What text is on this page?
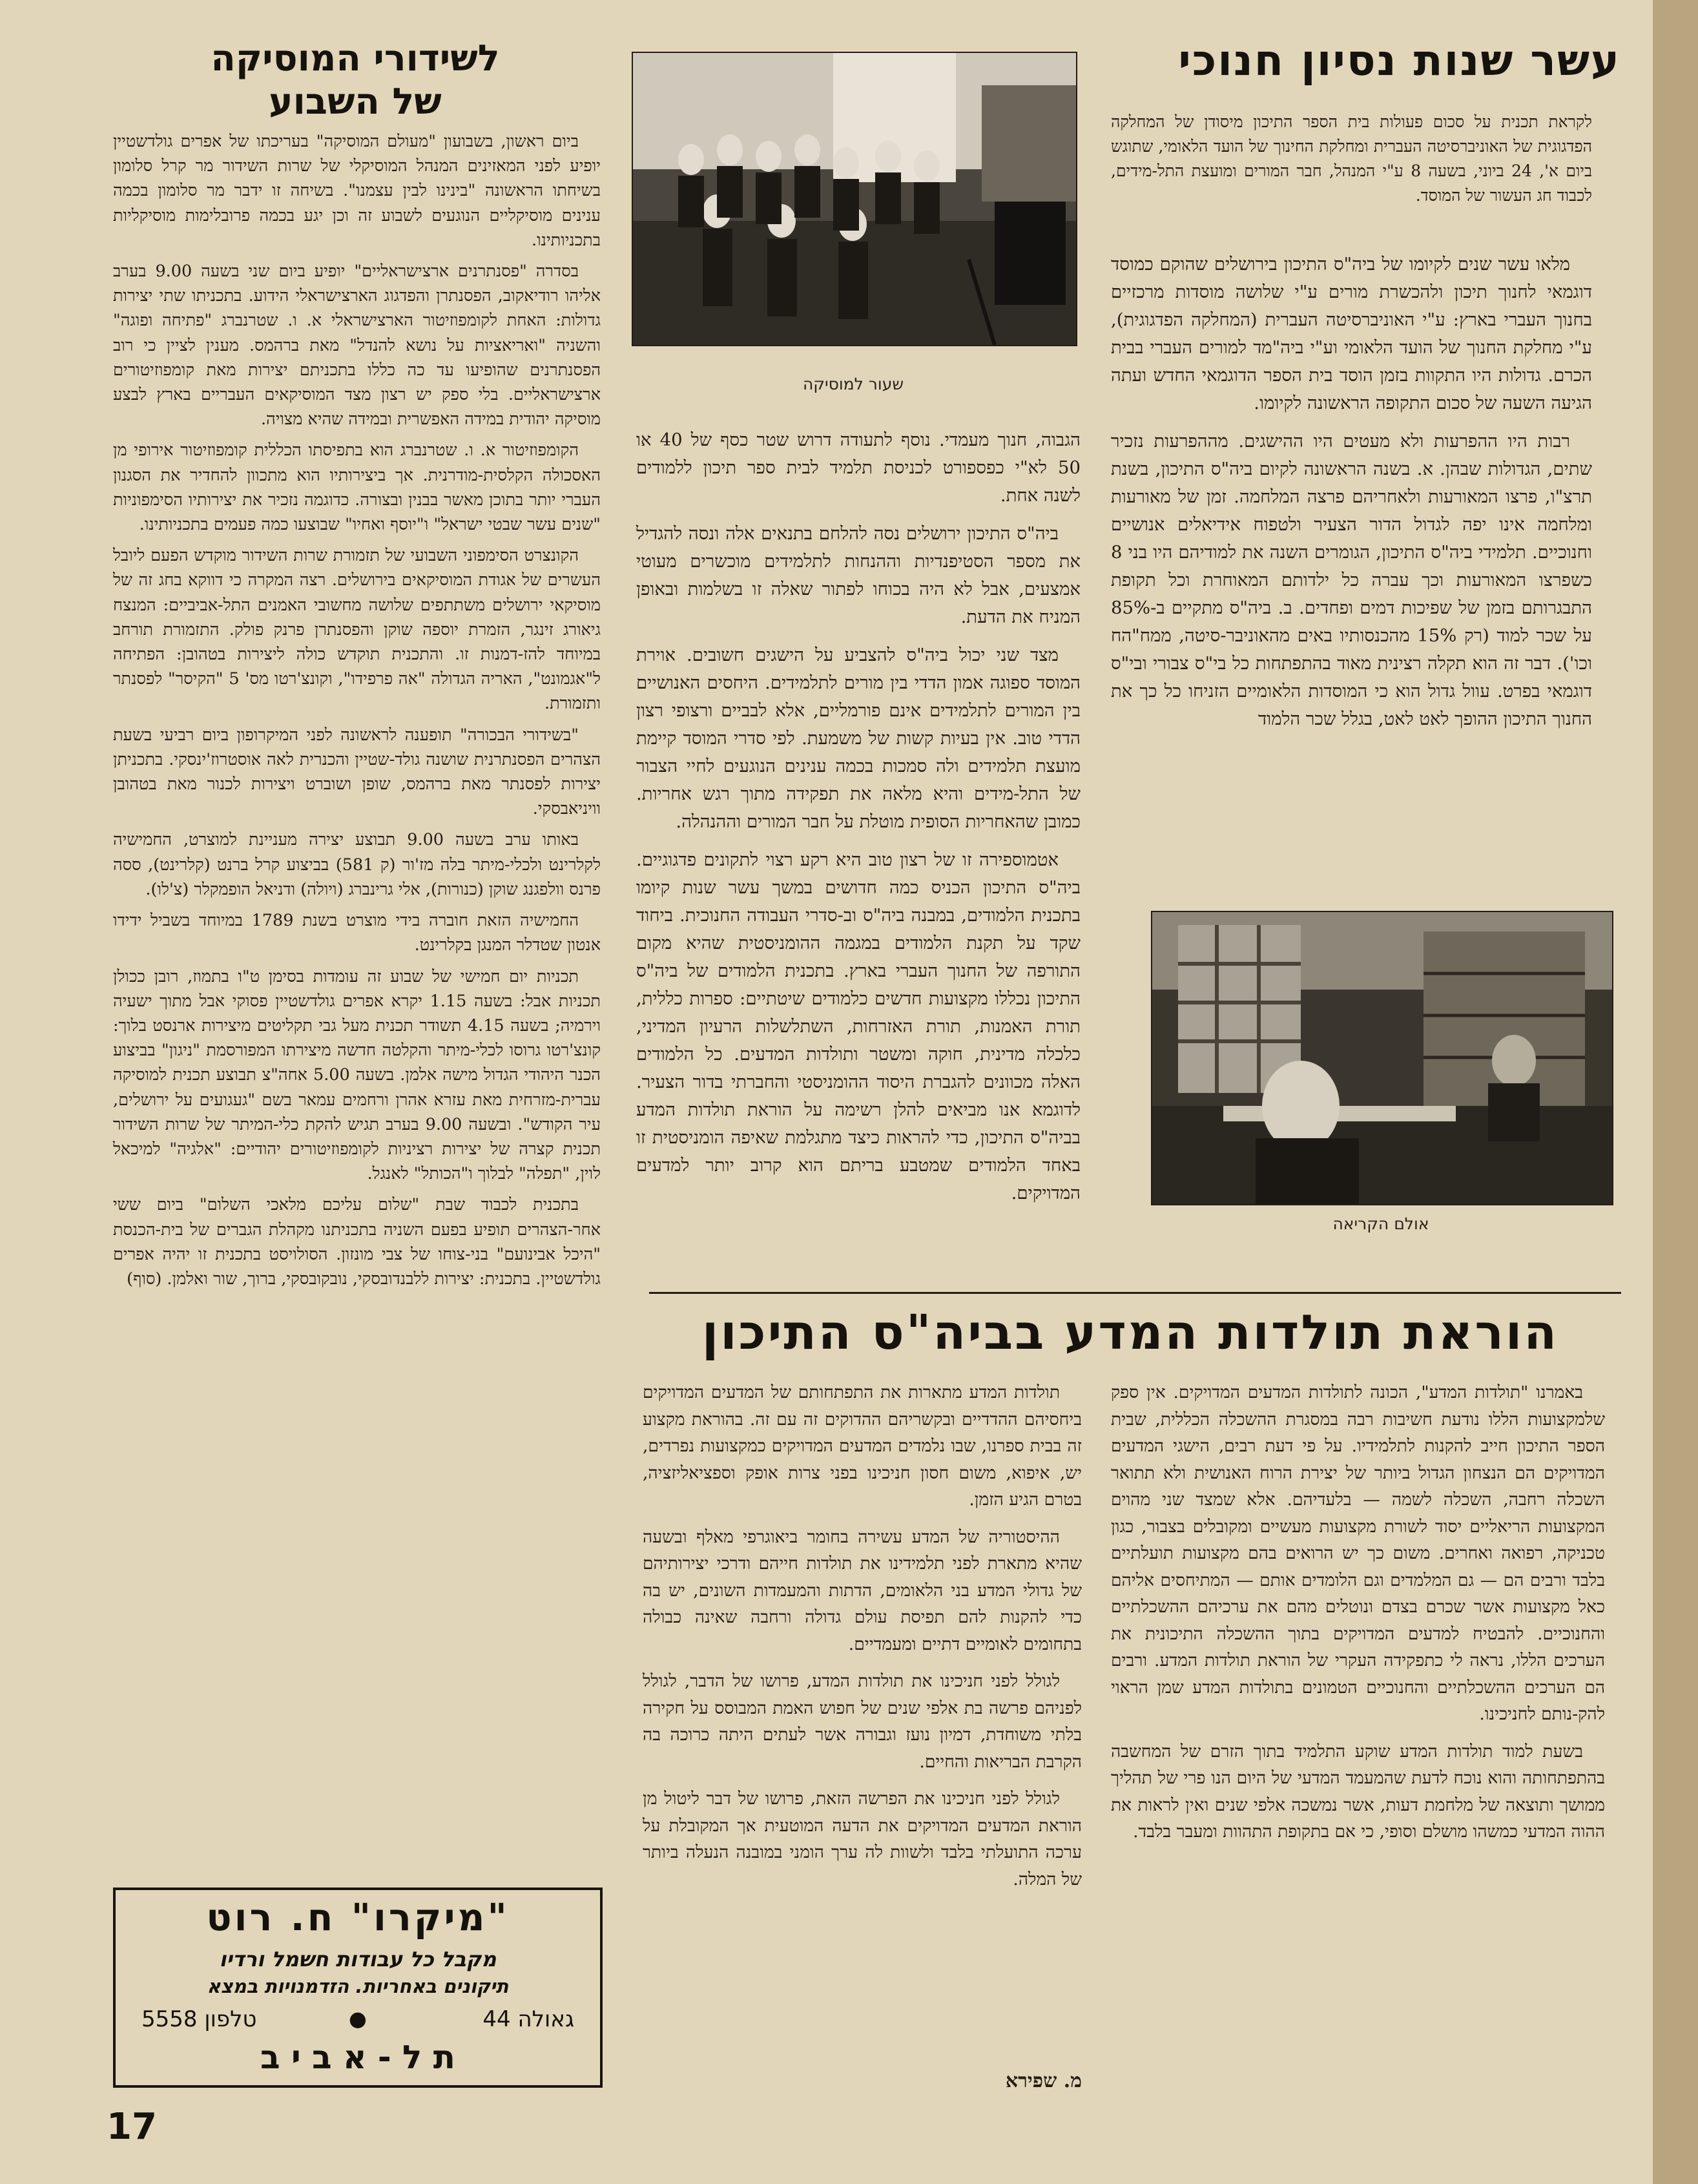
עשר שנות נסיון חנוכי

לקראת תכנית על סכום פעולות בית הספר התיכון מיסודן של המחלקה הפדגוגית של האוניברסיטה העברית ומחלקת החינוך של הועד הלאומי, שתוגש ביום א', 24 ביוני, בשעה 8 ע"י המנהל, חבר המורים ומועצת התל-מידים, לכבוד חג העשור של המוסד.

מלאו עשר שנים לקיומו של ביה"ס התיכון בירושלים שהוקם כמוסד דוגמאי לחנוך תיכון ולהכשרת מורים ע"י שלושה מוסדות מרכזיים בחנוך העברי בארץ: ע"י האוניברסיטה העברית (המחלקה הפדגוגית), ע"י מחלקת החנוך של הועד הלאומי וע"י ביה"מד למורים העברי בבית הכרם. גדולות היו התקוות בזמן הוסד בית הספר הדוגמאי החדש ועתה הגיעה השעה של סכום התקופה הראשונה לקיומו.

רבות היו ההפרעות ולא מעטים היו ההישגים. מההפרעות נזכיר שתים, הגדולות שבהן. א. בשנה הראשונה לקיום ביה"ס התיכון, בשנת תרצ"ו, פרצו המאורעות ולאחריהם פרצה המלחמה. זמן של מאורעות ומלחמה אינו יפה לגדול הדור הצעיר ולטפוח אידיאלים אנושיים וחנוכיים. תלמידי ביה"ס התיכון, הגומרים השנה את למודיהם היו בני 8 כשפרצו המאורעות וכך עברה כל ילדותם המאוחרת וכל תקופת התבגרותם בזמן של שפיכות דמים ופחדים. ב. ביה"ס מתקיים ב-85% על שכר למוד (רק 15% מהכנסותיו באים מהאוניבר-סיטה, ממח"הח וכו'). דבר זה הוא תקלה רצינית מאוד בהתפתחות כל בי"ס צבורי ובי"ס דוגמאי בפרט. עוול גדול הוא כי המוסדות הלאומיים הזניחו כל כך את החנוך התיכון ההופך לאט לאט, בגלל שכר הלמוד

אולם הקריאה
שעור למוסיקה

הגבוה, חנוך מעמדי. נוסף לתעודה דרוש שטר כסף של 40 או 50 לא"י כפספורט לכניסת תלמיד לבית ספר תיכון ללמודים לשנה אחת.

ביה"ס התיכון ירושלים נסה להלחם בתנאים אלה ונסה להגדיל את מספר הסטיפנדיות וההנחות לתלמידים מוכשרים מעוטי אמצעים, אבל לא היה בכוחו לפתור שאלה זו בשלמות ובאופן המניח את הדעת.

מצד שני יכול ביה"ס להצביע על הישגים חשובים. אוירת המוסד ספוגה אמון הדדי בין מורים לתלמידים. היחסים האנושיים בין המורים לתלמידים אינם פורמליים, אלא לבביים ורצופי רצון הדדי טוב. אין בעיות קשות של משמעת. לפי סדרי המוסד קיימת מועצת תלמידים ולה סמכות בכמה ענינים הנוגעים לחיי הצבור של התל-מידים והיא מלאה את תפקידה מתוך רגש אחריות. כמובן שהאחריות הסופית מוטלת על חבר המורים וההנהלה.

אטמוספירה זו של רצון טוב היא רקע רצוי לתקונים פדגוגיים. ביה"ס התיכון הכניס כמה חדושים במשך עשר שנות קיומו בתכנית הלמודים, במבנה ביה"ס וב-סדרי העבודה החנוכית. ביחוד שקד על תקנת הלמודים במגמה ההומניסטית שהיא מקום התורפה של החנוך העברי בארץ. בתכנית הלמודים של ביה"ס התיכון נכללו מקצועות חדשים כלמודים שיטתיים: ספרות כללית, תורת האמנות, תורת האזרחות, השתלשלות הרעיון המדיני, כלכלה מדינית, חוקה ומשטר ותולדות המדעים. כל הלמודים האלה מכוונים להגברת היסוד ההומניסטי והחברתי בדור הצעיר. לדוגמא אנו מביאים להלן רשימה על הוראת תולדות המדע בביה"ס התיכון, כדי להראות כיצד מתגלמת שאיפה הומניסטית זו באחד הלמודים שמטבע בריתם הוא קרוב יותר למדעים המדויקים.

לשידורי המוסיקה
של השבוע

ביום ראשון, בשבועון "מעולם המוסיקה" בעריכתו של אפרים גולדשטיין יופיע לפני המאזינים המנהל המוסיקלי של שרות השידור מר קרל סלומון בשיחתו הראשונה "בינינו לבין עצמנו". בשיחה זו ידבר מר סלומון בכמה ענינים מוסיקליים הנוגעים לשבוע זה וכן יגע בכמה פרובלימות מוסיקליות בתכניותינו.

בסדרה "פסנתרנים ארצישראליים" יופיע ביום שני בשעה 9.00 בערב אליהו רודיאקוב, הפסנתרן והפדגוג הארצישראלי הידוע. בתכניתו שתי יצירות גדולות: האחת לקומפוזיטור הארצישראלי א. ו. שטרנברג "פתיחה ופוגה" והשניה "ואריאציות על נושא להנדל" מאת ברהמס. מענין לציין כי רוב הפסנתרנים שהופיעו עד כה כללו בתכניתם יצירות מאת קומפוזיטורים ארצישראליים. בלי ספק יש רצון מצד המוסיקאים העבריים בארץ לבצע מוסיקה יהודית במידה האפשרית ובמידה שהיא מצויה.

הקומפוזיטור א. ו. שטרנברג הוא בתפיסתו הכללית קומפוזיטור אירופי מן האסכולה הקלסית-מודרנית. אך ביצירותיו הוא מתכוון להחדיר את הסגנון העברי יותר בתוכן מאשר בבנין ובצורה. כדוגמה נזכיר את יצירותיו הסימפוניות "שנים עשר שבטי ישראל" ו"יוסף ואחיו" שבוצעו כמה פעמים בתכניותינו.

הקונצרט הסימפוני השבועי של תזמורת שרות השידור מוקדש הפעם ליובל העשרים של אגודת המוסיקאים בירושלים. רצה המקרה כי דווקא בחג זה של מוסיקאי ירושלים משתתפים שלושה מחשובי האמנים התל-אביביים: המנצח גיאורג זינגר, הזמרת יוספה שוקן והפסנתרן פרנק פולק. התזמורת תורחב במיוחד להז-דמנות זו. והתכנית תוקדש כולה ליצירות בטהובן: הפתיחה ל"אגמונט", האריה הגדולה "אה פרפידו", וקונצ'רטו מס' 5 "הקיסר" לפסנתר ותזמורת.

"בשידורי הבכורה" תופענה לראשונה לפני המיקרופון ביום רביעי בשעת הצהרים הפסנתרנית שושנה גולד-שטיין והכנרית לאה אוסטרוז'ינסקי. בתכניתן יצירות לפסנתר מאת ברהמס, שופן ושוברט ויצירות לכנור מאת בטהובן וויניאבסקי.

באותו ערב בשעה 9.00 תבוצע יצירה מעניינת למוצרט, החמישיה לקלרינט ולכלי-מיתר בלה מז'ור (ק 581) בביצוע קרל ברנט (קלרינט), ססה פרנס וולפגנג שוקן (כנורות), אלי גרינברג (ויולה) ודניאל הופמקלר (צ'לו).

החמישיה הזאת חוברה בידי מוצרט בשנת 1789 במיוחד בשביל ידידו אנטון שטדלר המנגן בקלרינט.

תכניות יום חמישי של שבוע זה עומדות בסימן ט"ו בתמוז, רובן ככולן תכניות אבל: בשעה 1.15 יקרא אפרים גולדשטיין פסוקי אבל מתוך ישעיה וירמיה; בשעה 4.15 תשודר תכנית מעל גבי תקליטים מיצירות ארנסט בלוך: קונצ'רטו גרוסו לכלי-מיתר והקלטה חדשה מיצירתו המפורסמת "ניגון" בביצוע הכנר היהודי הגדול מישה אלמן. בשעה 5.00 אחה"צ תבוצע תכנית למוסיקה עברית-מזרחית מאת עזרא אהרן ורחמים עמאר בשם "געגועים על ירושלים, עיר הקודש". ובשעה 9.00 בערב תגיש להקת כלי-המיתר של שרות השידור תכנית קצרה של יצירות רציניות לקומפוזיטורים יהודיים: "אלגיה" למיכאל לוין, "תפלה" לבלוך ו"הכותל" לאנגל.

בתכנית לכבוד שבת "שלום עליכם מלאכי השלום" ביום ששי אחר-הצהרים תופיע בפעם השניה בתכניתנו מקהלת הגברים של בית-הכנסת "היכל אבינועם" בני-צוחו של צבי מונזון. הסולויסט בתכנית זו יהיה אפרים גולדשטיין. בתכנית: יצירות ללבנדובסקי, נובקובסקי, ברוך, שור ואלמן. (סוף)

הוראת תולדות המדע בביה"ס התיכון

באמרנו "תולדות המדע", הכונה לתולדות המדעים המדויקים. אין ספק שלמקצועות הללו נודעת חשיבות רבה במסגרת ההשכלה הכללית, שבית הספר התיכון חייב להקנות לתלמידיו. על פי דעת רבים, הישגי המדעים המדויקים הם הנצחון הגדול ביותר של יצירת הרוח האנושית ולא תתואר השכלה רחבה, השכלה לשמה — בלעדיהם. אלא שמצד שני מהוים המקצועות הריאליים יסוד לשורת מקצועות מעשיים ומקובלים בצבור, כגון טכניקה, רפואה ואחרים. משום כך יש הרואים בהם מקצועות תועלתיים בלבד ורבים הם — גם המלמדים וגם הלומדים אותם — המתיחסים אליהם כאל מקצועות אשר שכרם בצדם ונוטלים מהם את ערכיהם ההשכלתיים והחנוכיים. להבטיח למדעים המדויקים בתוך ההשכלה התיכונית את הערכים הללו, נראה לי כתפקידה העקרי של הוראת תולדות המדע. ורבים הם הערכים ההשכלתיים והחנוכיים הטמונים בתולדות המדע שמן הראוי להק-נותם לחניכינו.

בשעת למוד תולדות המדע שוקע התלמיד בתוך הזרם של המחשבה בהתפתחותה והוא נוכח לדעת שהמעמד המדעי של היום הנו פרי של תהליך ממושך ותוצאה של מלחמת דעות, אשר נמשכה אלפי שנים ואין לראות את ההוה המדעי כמשהו מושלם וסופי, כי אם בתקופת התהוות ומעבר בלבד.

תולדות המדע מתארות את התפתחותם של המדעים המדויקים ביחסיהם ההדדיים ובקשריהם ההדוקים זה עם זה. בהוראת מקצוע זה בבית ספרנו, שבו נלמדים המדעים המדויקים כמקצועות נפרדים, יש, איפוא, משום חסון חניכינו בפני צרות אופק וספציאליזציה, בטרם הגיע הזמן.

ההיסטוריה של המדע עשירה בחומר ביאוגרפי מאלף ובשעה שהיא מתארת לפני תלמידינו את תולדות חייהם ודרכי יצירותיהם של גדולי המדע בני הלאומים, הדתות והמעמדות השונים, יש בה כדי להקנות להם תפיסת עולם גדולה ורחבה שאינה כבולה בתחומים לאומיים דתיים ומעמדיים.

לגולל לפני חניכינו את תולדות המדע, פרושו של הדבר, לגולל לפניהם פרשה בת אלפי שנים של חפוש האמת המבוסס על חקירה בלתי משוחדת, דמיון נועז וגבורה אשר לעתים היתה כרוכה בה הקרבת הבריאות והחיים.

לגולל לפני חניכינו את הפרשה הזאת, פרושו של דבר ליטול מן הוראת המדעים המדויקים את הדעה המוטעית אך המקובלת על ערכה התועלתי בלבד ולשוות לה ערך הומני במובנה הנעלה ביותר של המלה.

מ. שפירא
"מיקרו" ח. רוט
מקבל כל עבודות חשמל ורדיו
תיקונים באחריות. הזדמנויות במצא
גאולה 44
●
טלפון 5558
ת ל - א ב י ב
17
